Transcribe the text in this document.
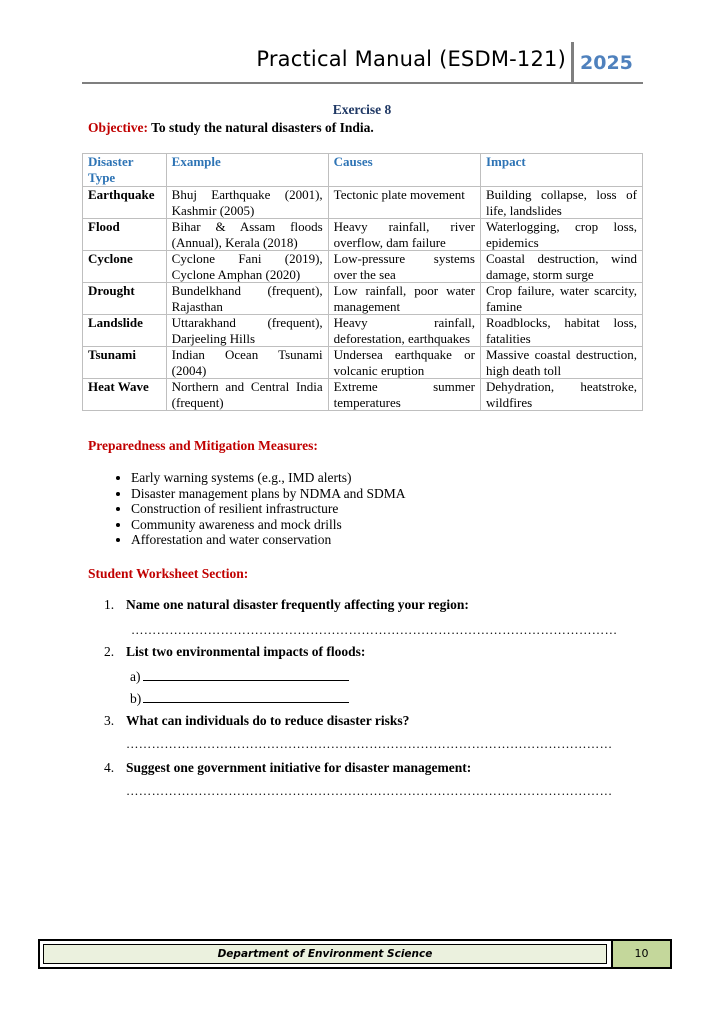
Practical Manual (ESDM-121) 2025
Exercise 8
Objective: To study the natural disasters of India.
Disaster Type	Example	Causes	Impact
Earthquake	Bhuj Earthquake (2001), Kashmir (2005)	Tectonic plate movement	Building collapse, loss of life, landslides
Flood	Bihar & Assam floods (Annual), Kerala (2018)	Heavy rainfall, river overflow, dam failure	Waterlogging, crop loss, epidemics
Cyclone	Cyclone Fani (2019), Cyclone Amphan (2020)	Low-pressure systems over the sea	Coastal destruction, wind damage, storm surge
Drought	Bundelkhand (frequent), Rajasthan	Low rainfall, poor water management	Crop failure, water scarcity, famine
Landslide	Uttarakhand (frequent), Darjeeling Hills	Heavy rainfall, deforestation, earthquakes	Roadblocks, habitat loss, fatalities
Tsunami	Indian Ocean Tsunami (2004)	Undersea earthquake or volcanic eruption	Massive coastal destruction, high death toll
Heat Wave	Northern and Central India (frequent)	Extreme summer temperatures	Dehydration, heatstroke, wildfires
Preparedness and Mitigation Measures:
• Early warning systems (e.g., IMD alerts)
• Disaster management plans by NDMA and SDMA
• Construction of resilient infrastructure
• Community awareness and mock drills
• Afforestation and water conservation
Student Worksheet Section:
1. Name one natural disaster frequently affecting your region:
……………………………………………………………………………………………………
2. List two environmental impacts of floods:
a)
b)
3. What can individuals do to reduce disaster risks?
……………………………………………………………………………………………………
4. Suggest one government initiative for disaster management:
……………………………………………………………………………………………………
Department of Environment Science	10
